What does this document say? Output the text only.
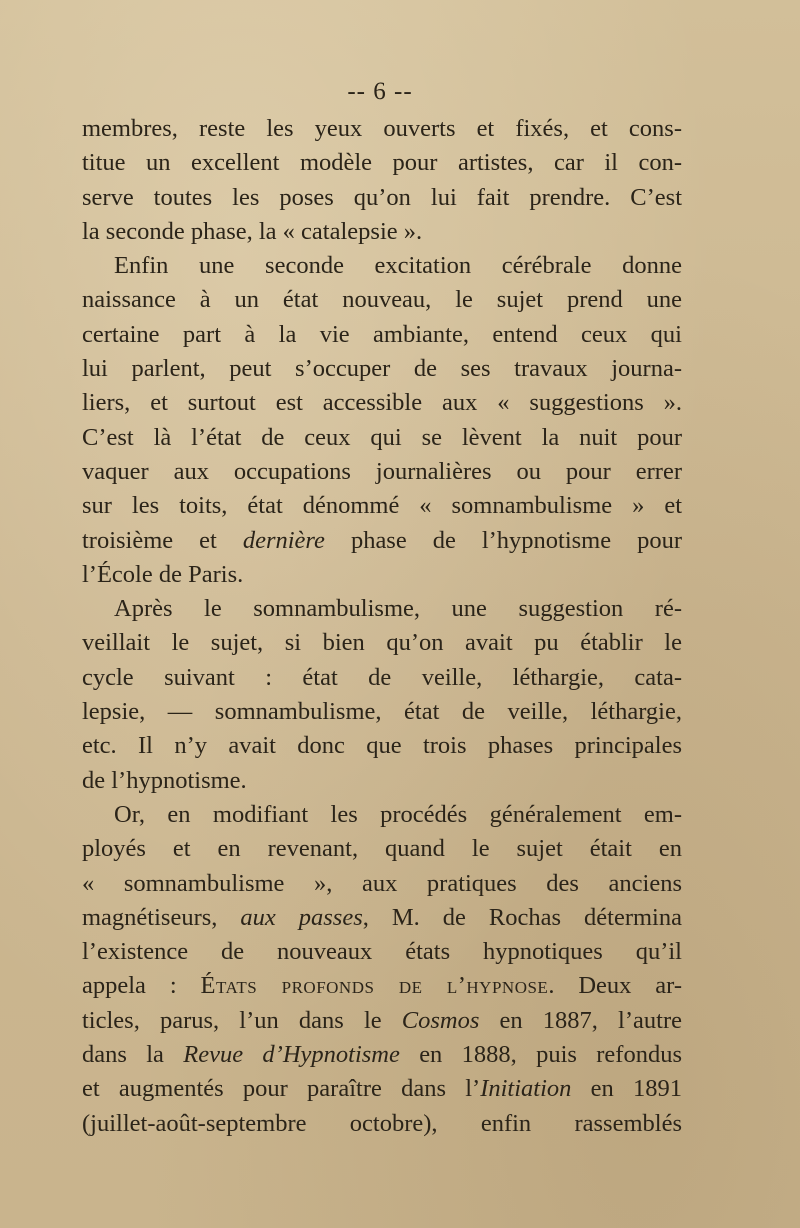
-- 6 --
membres, reste les yeux ouverts et fixés, et cons-
titue un excellent modèle pour artistes, car il con-
serve toutes les poses qu’on lui fait prendre. C’est
la seconde phase, la « catalepsie ».
Enfin une seconde excitation cérébrale donne
naissance à un état nouveau, le sujet prend une
certaine part à la vie ambiante, entend ceux qui
lui parlent, peut s’occuper de ses travaux journa-
liers, et surtout est accessible aux « suggestions ».
C’est là l’état de ceux qui se lèvent la nuit pour
vaquer aux occupations journalières ou pour errer
sur les toits, état dénommé « somnambulisme » et
troisième et dernière phase de l’hypnotisme pour
l’École de Paris.
Après le somnambulisme, une suggestion ré-
veillait le sujet, si bien qu’on avait pu établir le
cycle suivant : état de veille, léthargie, cata-
lepsie, — somnambulisme, état de veille, léthargie,
etc. Il n’y avait donc que trois phases principales
de l’hypnotisme.
Or, en modifiant les procédés généralement em-
ployés et en revenant, quand le sujet était en
« somnambulisme », aux pratiques des anciens
magnétiseurs, aux passes, M. de Rochas détermina
l’existence de nouveaux états hypnotiques qu’il
appela : États profonds de l’hypnose. Deux ar-
ticles, parus, l’un dans le Cosmos en 1887, l’autre
dans la Revue d’Hypnotisme en 1888, puis refondus
et augmentés pour paraître dans l’Initiation en 1891
(juillet-août-septembre octobre), enfin rassemblés
